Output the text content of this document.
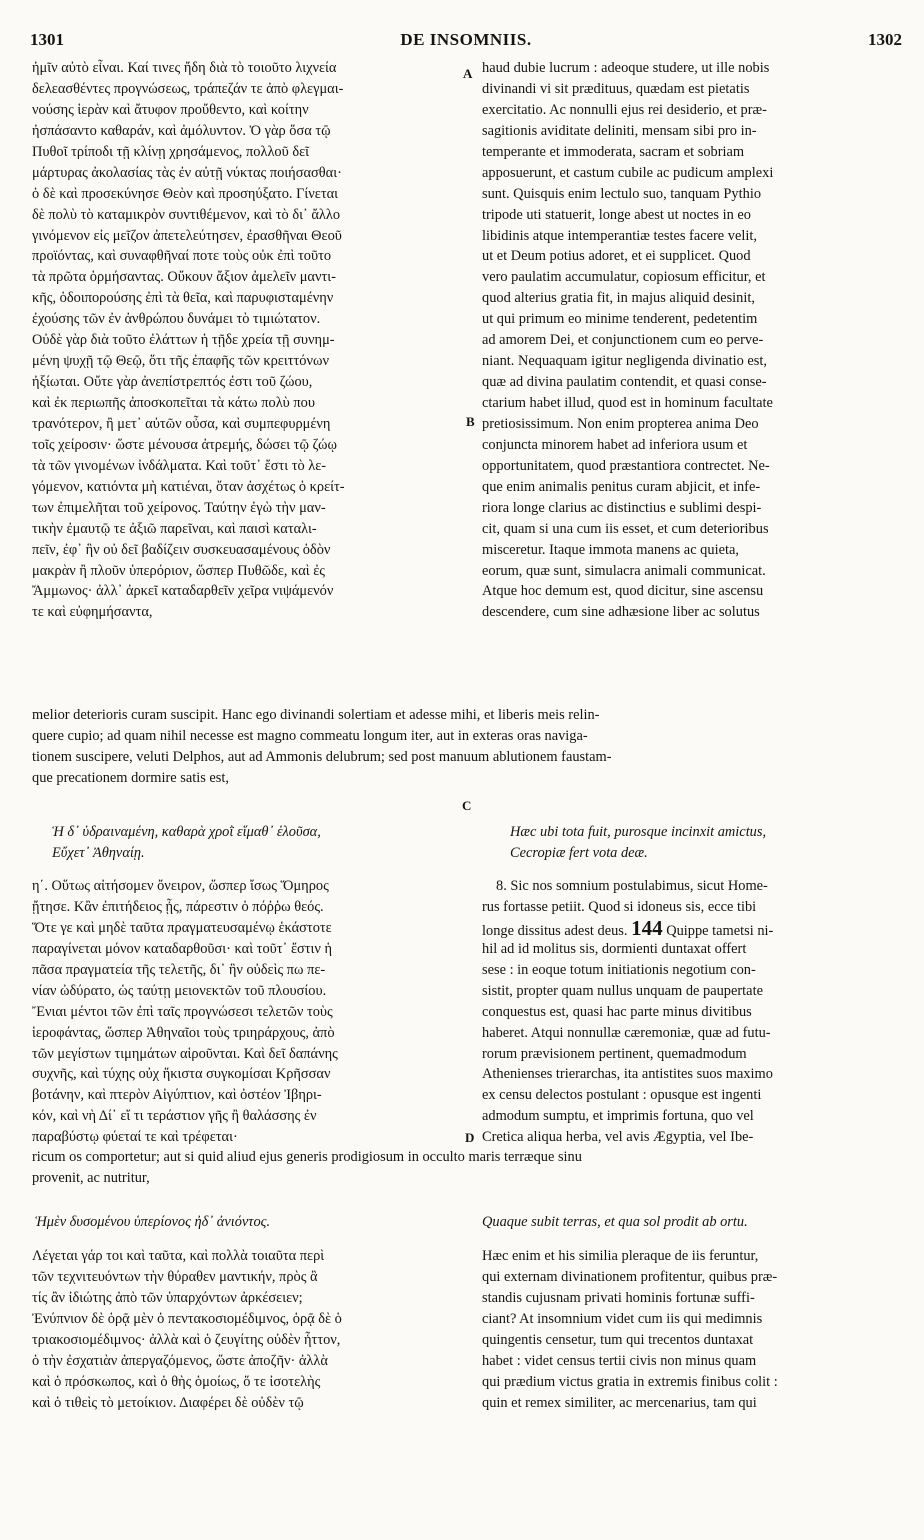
1301	DE INSOMNIIS.	1302
ἡμῖν αὐτὸ εἶναι. Καί τινες ἤδη διὰ τὸ τοιοῦτο λιχνεία
δελεασθέντες προγνώσεως, τράπεζάν τε ἀπὸ φλεγμαι-
νούσης ἱερὰν καὶ ἄτυφον προὔθεντο, καὶ κοίτην
ἠσπάσαντο καθαράν, καὶ ἀμόλυντον. Ὁ γὰρ ὅσα τῷ
Πυθοῖ τρίποδι τῇ κλίνῃ χρησάμενος, πολλοῦ δεῖ
μάρτυρας ἀκολασίας τὰς ἐν αὐτῇ νύκτας ποιήσασθαι·
ὁ δὲ καὶ προσεκύνησε Θεὸν καὶ προσηύξατο. Γίνεται
δὲ πολὺ τὸ καταμικρὸν συντιθέμενον, καὶ τὸ δι᾽ ἄλλο
γινόμενον εἰς μεῖζον ἀπετελεύτησεν, ἐρασθῆναι Θεοῦ
προϊόντας, καὶ συναφθῆναί ποτε τοὺς οὐκ ἐπὶ τοῦτο
τὰ πρῶτα ὁρμήσαντας. Οὔκουν ἄξιον ἀμελεῖν μαντι-
κῆς, ὁδοιπορούσης ἐπὶ τὰ θεῖα, καὶ παρυφισταμένην
ἐχούσης τῶν ἐν ἀνθρώπου δυνάμει τὸ τιμιώτατον.
Οὐδὲ γὰρ διὰ τοῦτο ἐλάττων ἡ τῇδε χρεία τῇ συνημ-
μένη ψυχῇ τῷ Θεῷ, ὅτι τῆς ἐπαφῆς τῶν κρειττόνων
ἠξίωται. Οὔτε γὰρ ἀνεπίστρεπτός ἐστι τοῦ ζώου,
καὶ ἐκ περιωπῆς ἀποσκοπεῖται τὰ κάτω πολὺ που
τρανότερον, ἢ μετ᾽ αὐτῶν οὖσα, καὶ συμπεφυρμένη
τοῖς χείροσιν· ὥστε μένουσα ἀτρεμής, δώσει τῷ ζώῳ
τὰ τῶν γινομένων ἰνδάλματα. Καὶ τοῦτ᾽ ἔστι τὸ λε-
γόμενον, κατιόντα μὴ κατιέναι, ὅταν ἀσχέτως ὁ κρείτ-
των ἐπιμελῆται τοῦ χείρονος. Ταύτην ἐγὼ τὴν μαν-
τικὴν ἐμαυτῷ τε ἀξιῶ παρεῖναι, καὶ παισὶ καταλι-
πεῖν, ἐφ᾽ ἣν οὐ δεῖ βαδίζειν συσκευασαμένους ὁδὸν
μακρὰν ἢ πλοῦν ὑπερόριον, ὥσπερ Πυθῶδε, καὶ ἐς
Ἄμμωνος· ἀλλ᾽ ἀρκεῖ καταδαρθεῖν χεῖρα νιψάμενόν
τε καὶ εὐφημήσαντα,
haud dubie lucrum : adeoque studere, ut ille nobis
divinandi vi sit prædituus, quædam est pietatis
exercitatio. Ac nonnulli ejus rei desiderio, et præ-
sagitionis aviditate deliniti, mensam sibi pro in-
temperante et immoderata, sacram et sobriam
apposuerunt, et castum cubile ac pudicum amplexi
sunt. Quisquis enim lectulo suo, tanquam Pythio
tripode uti statuerit, longe abest ut noctes in eo
libidinis atque intemperantiæ testes facere velit,
ut et Deum potius adoret, et ei supplicet. Quod
vero paulatim accumulatur, copiosum efficitur, et
quod alterius gratia fit, in majus aliquid desinit,
ut qui primum eo minime tenderent, pedetentim
ad amorem Dei, et conjunctionem cum eo perve-
niant. Nequaquam igitur negligenda divinatio est,
quæ ad divina paulatim contendit, et quasi conse-
ctarium habet illud, quod est in hominum facultate
pretiosissimum. Non enim propterea anima Deo
conjuncta minorem habet ad inferiora usum et
opportunitatem, quod præstantiora contrectet. Ne-
que enim animalis penitus curam abjicit, et infe-
riora longe clarius ac distinctius e sublimi despi-
cit, quam si una cum iis esset, et cum deterioribus
misceretur. Itaque immota manens ac quieta,
eorum, quæ sunt, simulacra animali communicat.
Atque hoc demum est, quod dicitur, sine ascensu
descendere, cum sine adhæsione liber ac solutus
A
B
melior deterioris curam suscipit. Hanc ego divinandi solertiam et adesse mihi, et liberis meis relin-
quere cupio; ad quam nihil necesse est magno commeatu longum iter, aut in exteras oras naviga-
tionem suscipere, veluti Delphos, aut ad Ammonis delubrum; sed post manuum ablutionem faustam-
que precationem dormire satis est,
C
Ἡ δ᾽ ὑδραιναμένη, καθαρὰ χροῒ εἵμαθ᾽ ἑλοῦσα,
Εὔχετ᾽ Ἀθηναίῃ.
Hæc ubi tota fuit, purosque incinxit amictus,
Cecropiæ fert vota deæ.
η΄. Οὕτως αἰτήσομεν ὄνειρον, ὥσπερ ἴσως Ὅμηρος
ᾔτησε. Κἂν ἐπιτήδειος ᾖς, πάρεστιν ὁ πόῤῥω θεός.
Ὅτε γε καὶ μηδὲ ταῦτα πραγματευσαμένῳ ἑκάστοτε
παραγίνεται μόνον καταδαρθοῦσι· καὶ τοῦτ᾽ ἔστιν ἡ
πᾶσα πραγματεία τῆς τελετῆς, δι᾽ ἣν οὐδεὶς πω πε-
νίαν ὠδύρατο, ὡς ταύτῃ μειονεκτῶν τοῦ πλουσίου.
Ἔνιαι μέντοι τῶν ἐπὶ ταῖς προγνώσεσι τελετῶν τοὺς
ἱεροφάντας, ὥσπερ Ἀθηναῖοι τοὺς τριηράρχους, ἀπὸ
τῶν μεγίστων τιμημάτων αἱροῦνται. Καὶ δεῖ δαπάνης
συχνῆς, καὶ τύχης οὐχ ἥκιστα συγκομίσαι Κρῆσσαν
βοτάνην, καὶ πτερὸν Αἰγύπτιον, καὶ ὀστέον Ἰβηρι-
κόν, καὶ νὴ Δί᾽ εἴ τι τεράστιον γῆς ἢ θαλάσσης ἐν
παραβύστῳ φύεταί τε καὶ τρέφεται·
8. Sic nos somnium postulabimus, sicut Home-
rus fortasse petiit. Quod si idoneus sis, ecce tibi
longe dissitus adest deus. 144 Quippe tametsi ni-
hil ad id molitus sis, dormienti duntaxat offert
sese : in eoque totum initiationis negotium con-
sistit, propter quam nullus unquam de paupertate
conquestus est, quasi hac parte minus divitibus
haberet. Atqui nonnullæ cæremoniæ, quæ ad futu-
rorum prævisionem pertinent, quemadmodum
Athenienses trierarchas, ita antistites suos maximo
ex censu delectos postulant : opusque est ingenti
admodum sumptu, et imprimis fortuna, quo vel
Cretica aliqua herba, vel avis Ægyptia, vel Ibe-
D
ricum os comportetur; aut si quid aliud ejus generis prodigiosum in occulto maris terræque sinu
provenit, ac nutritur,
Ἡμὲν δυσομένου ὑπερίονος ἠδ᾽ ἀνιόντος.	Quaque subit terras, et qua sol prodit ab ortu.
Λέγεται γάρ τοι καὶ ταῦτα, καὶ πολλὰ τοιαῦτα περὶ
τῶν τεχνιτευόντων τὴν θύραθεν μαντικήν, πρὸς ἃ
τίς ἂν ἰδιώτης ἀπὸ τῶν ὑπαρχόντων ἀρκέσειεν;
Ἐνύπνιον δὲ ὁρᾷ μὲν ὁ πεντακοσιομέδιμνος, ὁρᾷ δὲ ὁ
τριακοσιομέδιμνος· ἀλλὰ καὶ ὁ ζευγίτης οὐδὲν ἧττον,
ὁ τὴν ἐσχατιὰν ἀπεργαζόμενος, ὥστε ἀποζῆν· ἀλλὰ
καὶ ὁ πρόσκωπος, καὶ ὁ θὴς ὁμοίως, ὅ τε ἰσοτελὴς
καὶ ὁ τιθεὶς τὸ μετοίκιον. Διαφέρει δὲ οὐδὲν τῷ
Hæc enim et his similia pleraque de iis feruntur,
qui externam divinationem profitentur, quibus præ-
standis cujusnam privati hominis fortunæ suffi-
ciant? At insomnium videt cum iis qui medimnis
quingentis censetur, tum qui trecentos duntaxat
habet : videt census tertii civis non minus quam
qui prædium victus gratia in extremis finibus colit :
quin et remex similiter, ac mercenarius, tam qui
